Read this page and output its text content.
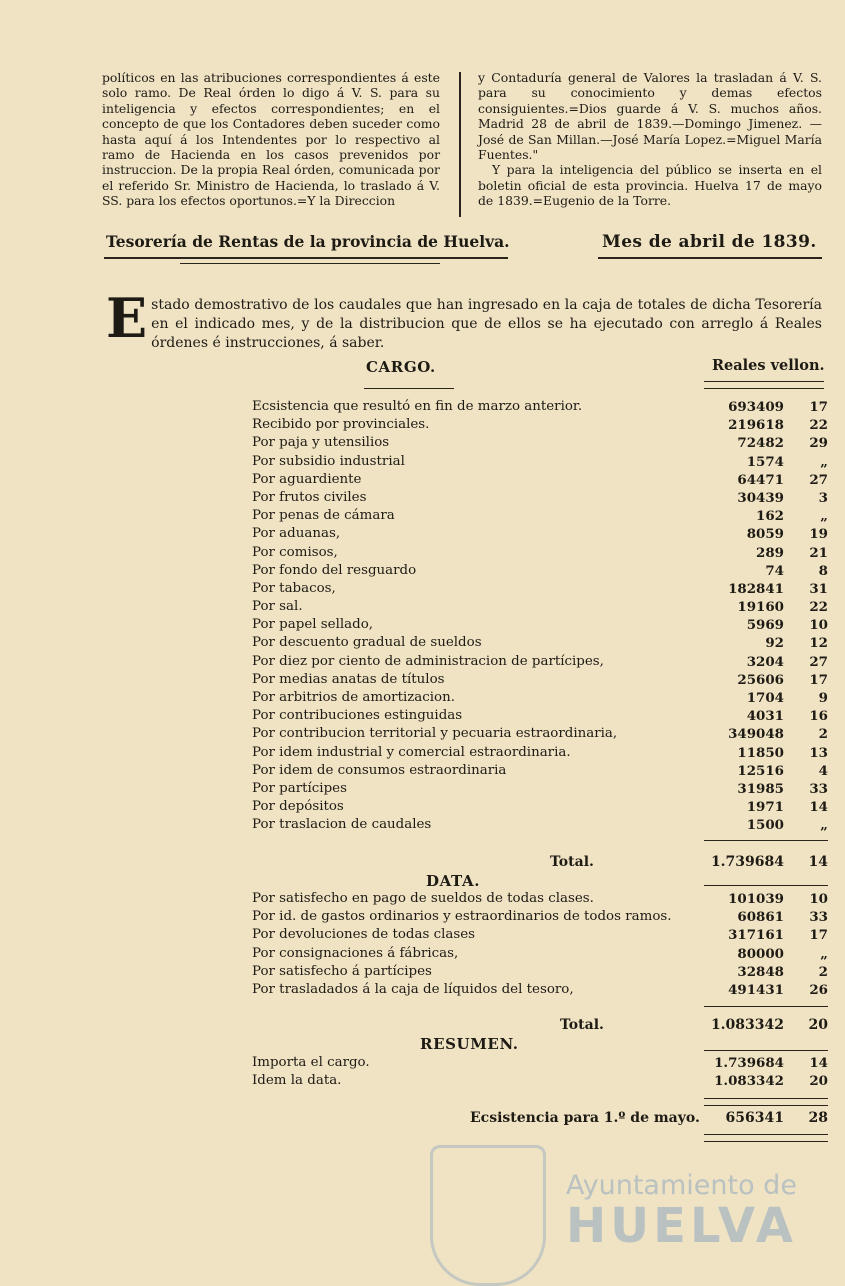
políticos en las atribuciones correspondientes á este solo ramo. De Real órden lo digo á V. S. para su inteligencia y efectos correspondientes; en el concepto de que los Contadores deben suceder como hasta aquí á los Intendentes por lo respectivo al ramo de Hacienda en los casos prevenidos por instruccion. De la propia Real órden, comunicada por el referido Sr. Ministro de Hacienda, lo traslado á V. SS. para los efectos oportunos.=Y la Direccion

y Contaduría general de Valores la trasladan á V. S. para su conocimiento y demas efectos consiguientes.=Dios guarde á V. S. muchos años. Madrid 28 de abril de 1839.—Domingo Jimenez. —José de San Millan.—José María Lopez.=Miguel María Fuentes."

Y para la inteligencia del público se inserta en el boletin oficial de esta provincia. Huelva 17 de mayo de 1839.=Eugenio de la Torre.

Tesorería de Rentas de la provincia de Huelva.	Mes de abril de 1839.
E stado demostrativo de los caudales que han ingresado en la caja de totales de dicha Tesorería en el indicado mes, y de la distribucion que de ellos se ha ejecutado con arreglo á Reales órdenes é instrucciones, á saber.
CARGO.	Reales vellon.
Ecsistencia que resultó en fin de marzo anterior.	693409	17
Recibido por provinciales.	219618	22
Por paja y utensilios	72482	29
Por subsidio industrial	1574	„
Por aguardiente	64471	27
Por frutos civiles	30439	3
Por penas de cámara	162	„
Por aduanas,	8059	19
Por comisos,	289	21
Por fondo del resguardo	74	8
Por tabacos,	182841	31
Por sal.	19160	22
Por papel sellado,	5969	10
Por descuento gradual de sueldos	92	12
Por diez por ciento de administracion de partícipes,	3204	27
Por medias anatas de títulos	25606	17
Por arbitrios de amortizacion.	1704	9
Por contribuciones estinguidas	4031	16
Por contribucion territorial y pecuaria estraordinaria,	349048	2
Por idem industrial y comercial estraordinaria.	11850	13
Por idem de consumos estraordinaria	12516	4
Por partícipes	31985	33
Por depósitos	1971	14
Por traslacion de caudales	1500	„
Total.	1.739684	14
DATA.
Por satisfecho en pago de sueldos de todas clases.	101039	10
Por id. de gastos ordinarios y estraordinarios de todos ramos.	60861	33
Por devoluciones de todas clases	317161	17
Por consignaciones á fábricas,	80000	„
Por satisfecho á partícipes	32848	2
Por trasladados á la caja de líquidos del tesoro,	491431	26
Total.	1.083342	20
RESUMEN.
Importa el cargo.	1.739684	14
Idem la data.	1.083342	20
Ecsistencia para 1.º de mayo. 656341	28
Ayuntamiento de
HUELVA
